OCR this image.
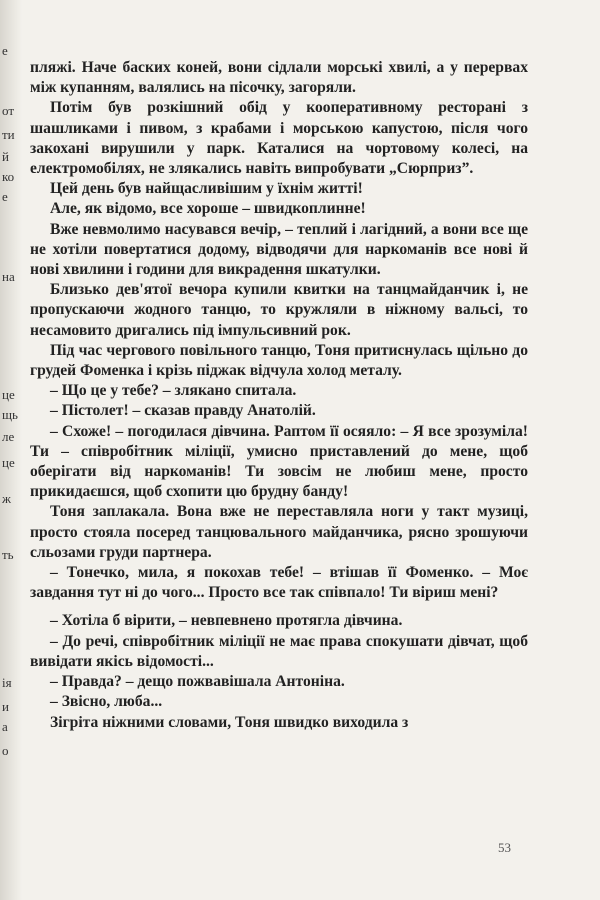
е
от
ти
й
ко
е
на
це
щь
ле
це
ж
ть
ія
и
а
о

пляжі. Наче баских коней, вони сідлали морські хвилі, а у перервах між купанням, валялись на пісочку, загоряли.

Потім був розкішний обід у кооперативному ресторані з шашликами і пивом, з крабами і морською капустою, після чого закохані вирушили у парк. Каталися на чортовому колесі, на електромобілях, не злякались навіть випробувати „Сюрприз”.

Цей день був найщасливішим у їхнім житті!

Але, як відомо, все хороше – швидкоплинне!

Вже невмолимо насувався вечір, – теплий і лагідний, а вони все ще не хотіли повертатися додому, відводячи для наркоманів все нові й нові хвилини і години для викрадення шкатулки.

Близько дев'ятої вечора купили квитки на танцмайданчик і, не пропускаючи жодного танцю, то кружляли в ніжному вальсі, то несамовито дригались під імпульсивний рок.

Під час чергового повільного танцю, Тоня притиснулась щільно до грудей Фоменка і крізь піджак відчула холод металу.

– Що це у тебе? – злякано спитала.

– Пістолет! – сказав правду Анатолій.

– Схоже! – погодилася дівчина. Раптом її осяяло: – Я все зрозуміла! Ти – співробітник міліції, умисно приставлений до мене, щоб оберігати від наркоманів! Ти зовсім не любиш мене, просто прикидаєшся, щоб схопити цю брудну банду!

Тоня заплакала. Вона вже не переставляла ноги у такт музиці, просто стояла посеред танцювального майданчика, рясно зрошуючи сльозами груди партнера.

– Тонечко, мила, я покохав тебе! – втішав її Фоменко. – Моє завдання тут ні до чого... Просто все так співпало! Ти віриш мені?

– Хотіла б вірити, – невпевнено протягла дівчина.

– До речі, співробітник міліції не має права спокушати дівчат, щоб вивідати якісь відомості...

– Правда? – дещо пожвавішала Антоніна.

– Звісно, люба...

Зігріта ніжними словами, Тоня швидко виходила з

53
